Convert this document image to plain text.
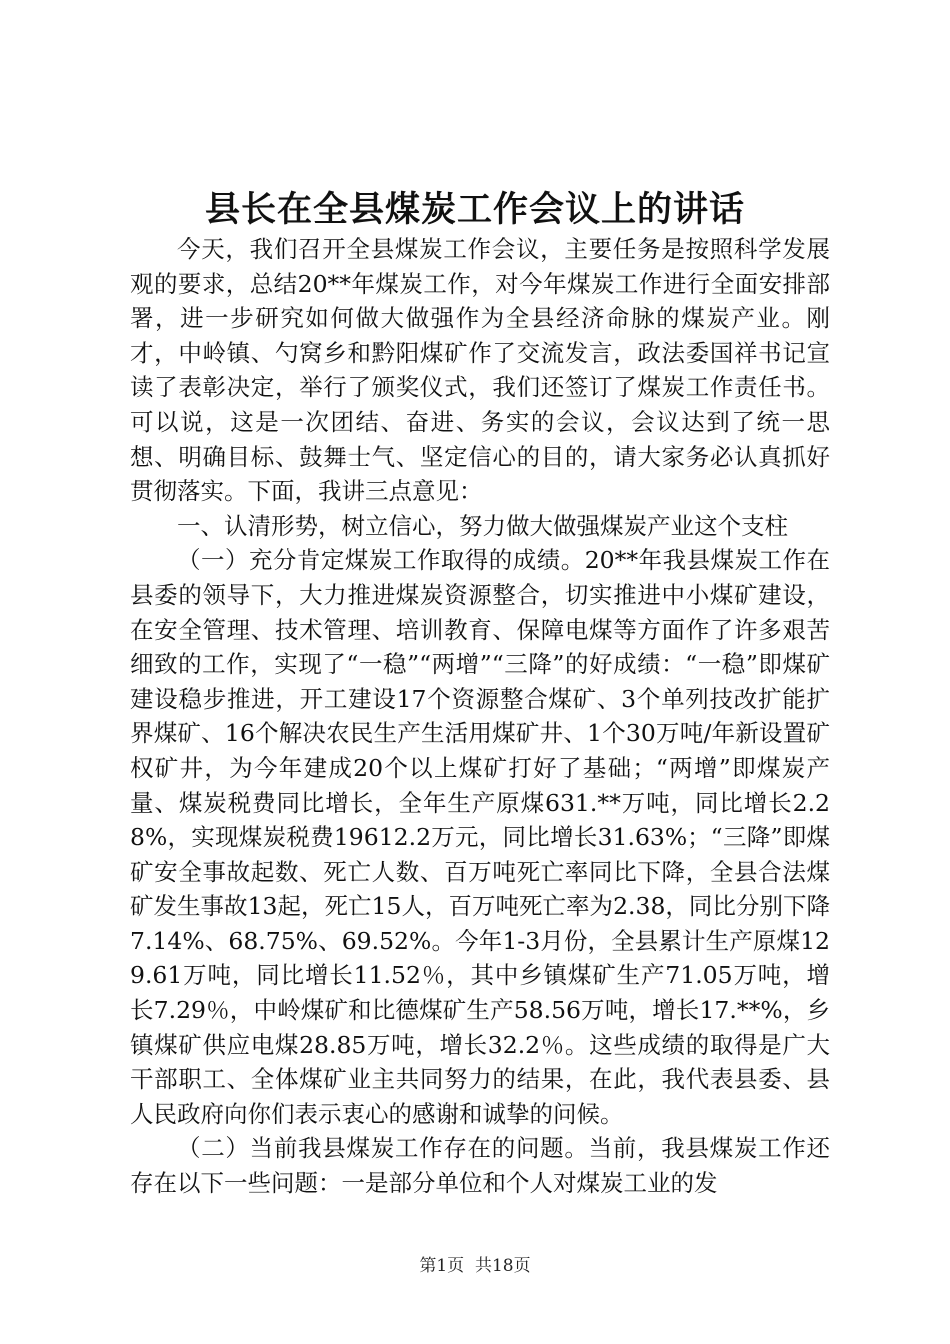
县长在全县煤炭工作会议上的讲话

今天，我们召开全县煤炭工作会议，主要任务是按照科学发展观的要求，总结20**年煤炭工作，对今年煤炭工作进行全面安排部署，进一步研究如何做大做强作为全县经济命脉的煤炭产业。刚才，中岭镇、勺窝乡和黔阳煤矿作了交流发言，政法委国祥书记宣读了表彰决定，举行了颁奖仪式，我们还签订了煤炭工作责任书。可以说，这是一次团结、奋进、务实的会议，会议达到了统一思想、明确目标、鼓舞士气、坚定信心的目的，请大家务必认真抓好贯彻落实。下面，我讲三点意见：

一、认清形势，树立信心，努力做大做强煤炭产业这个支柱

（一）充分肯定煤炭工作取得的成绩。20**年我县煤炭工作在县委的领导下，大力推进煤炭资源整合，切实推进中小煤矿建设，在安全管理、技术管理、培训教育、保障电煤等方面作了许多艰苦细致的工作，实现了“一稳”“两增”“三降”的好成绩：“一稳”即煤矿建设稳步推进，开工建设17个资源整合煤矿、3个单列技改扩能扩界煤矿、16个解决农民生产生活用煤矿井、1个30万吨/年新设置矿权矿井，为今年建成20个以上煤矿打好了基础；“两增”即煤炭产量、煤炭税费同比增长，全年生产原煤631.**万吨，同比增长2.28%，实现煤炭税费19612.2万元，同比增长31.63%；“三降”即煤矿安全事故起数、死亡人数、百万吨死亡率同比下降，全县合法煤矿发生事故13起，死亡15人，百万吨死亡率为2.38，同比分别下降7.14%、68.75%、69.52%。今年1-3月份，全县累计生产原煤129.61万吨，同比增长11.52％，其中乡镇煤矿生产71.05万吨，增长7.29％，中岭煤矿和比德煤矿生产58.56万吨，增长17.**%，乡镇煤矿供应电煤28.85万吨，增长32.2％。这些成绩的取得是广大干部职工、全体煤矿业主共同努力的结果，在此，我代表县委、县人民政府向你们表示衷心的感谢和诚挚的问候。

（二）当前我县煤炭工作存在的问题。当前，我县煤炭工作还存在以下一些问题：一是部分单位和个人对煤炭工业的发

第1页  共18页
